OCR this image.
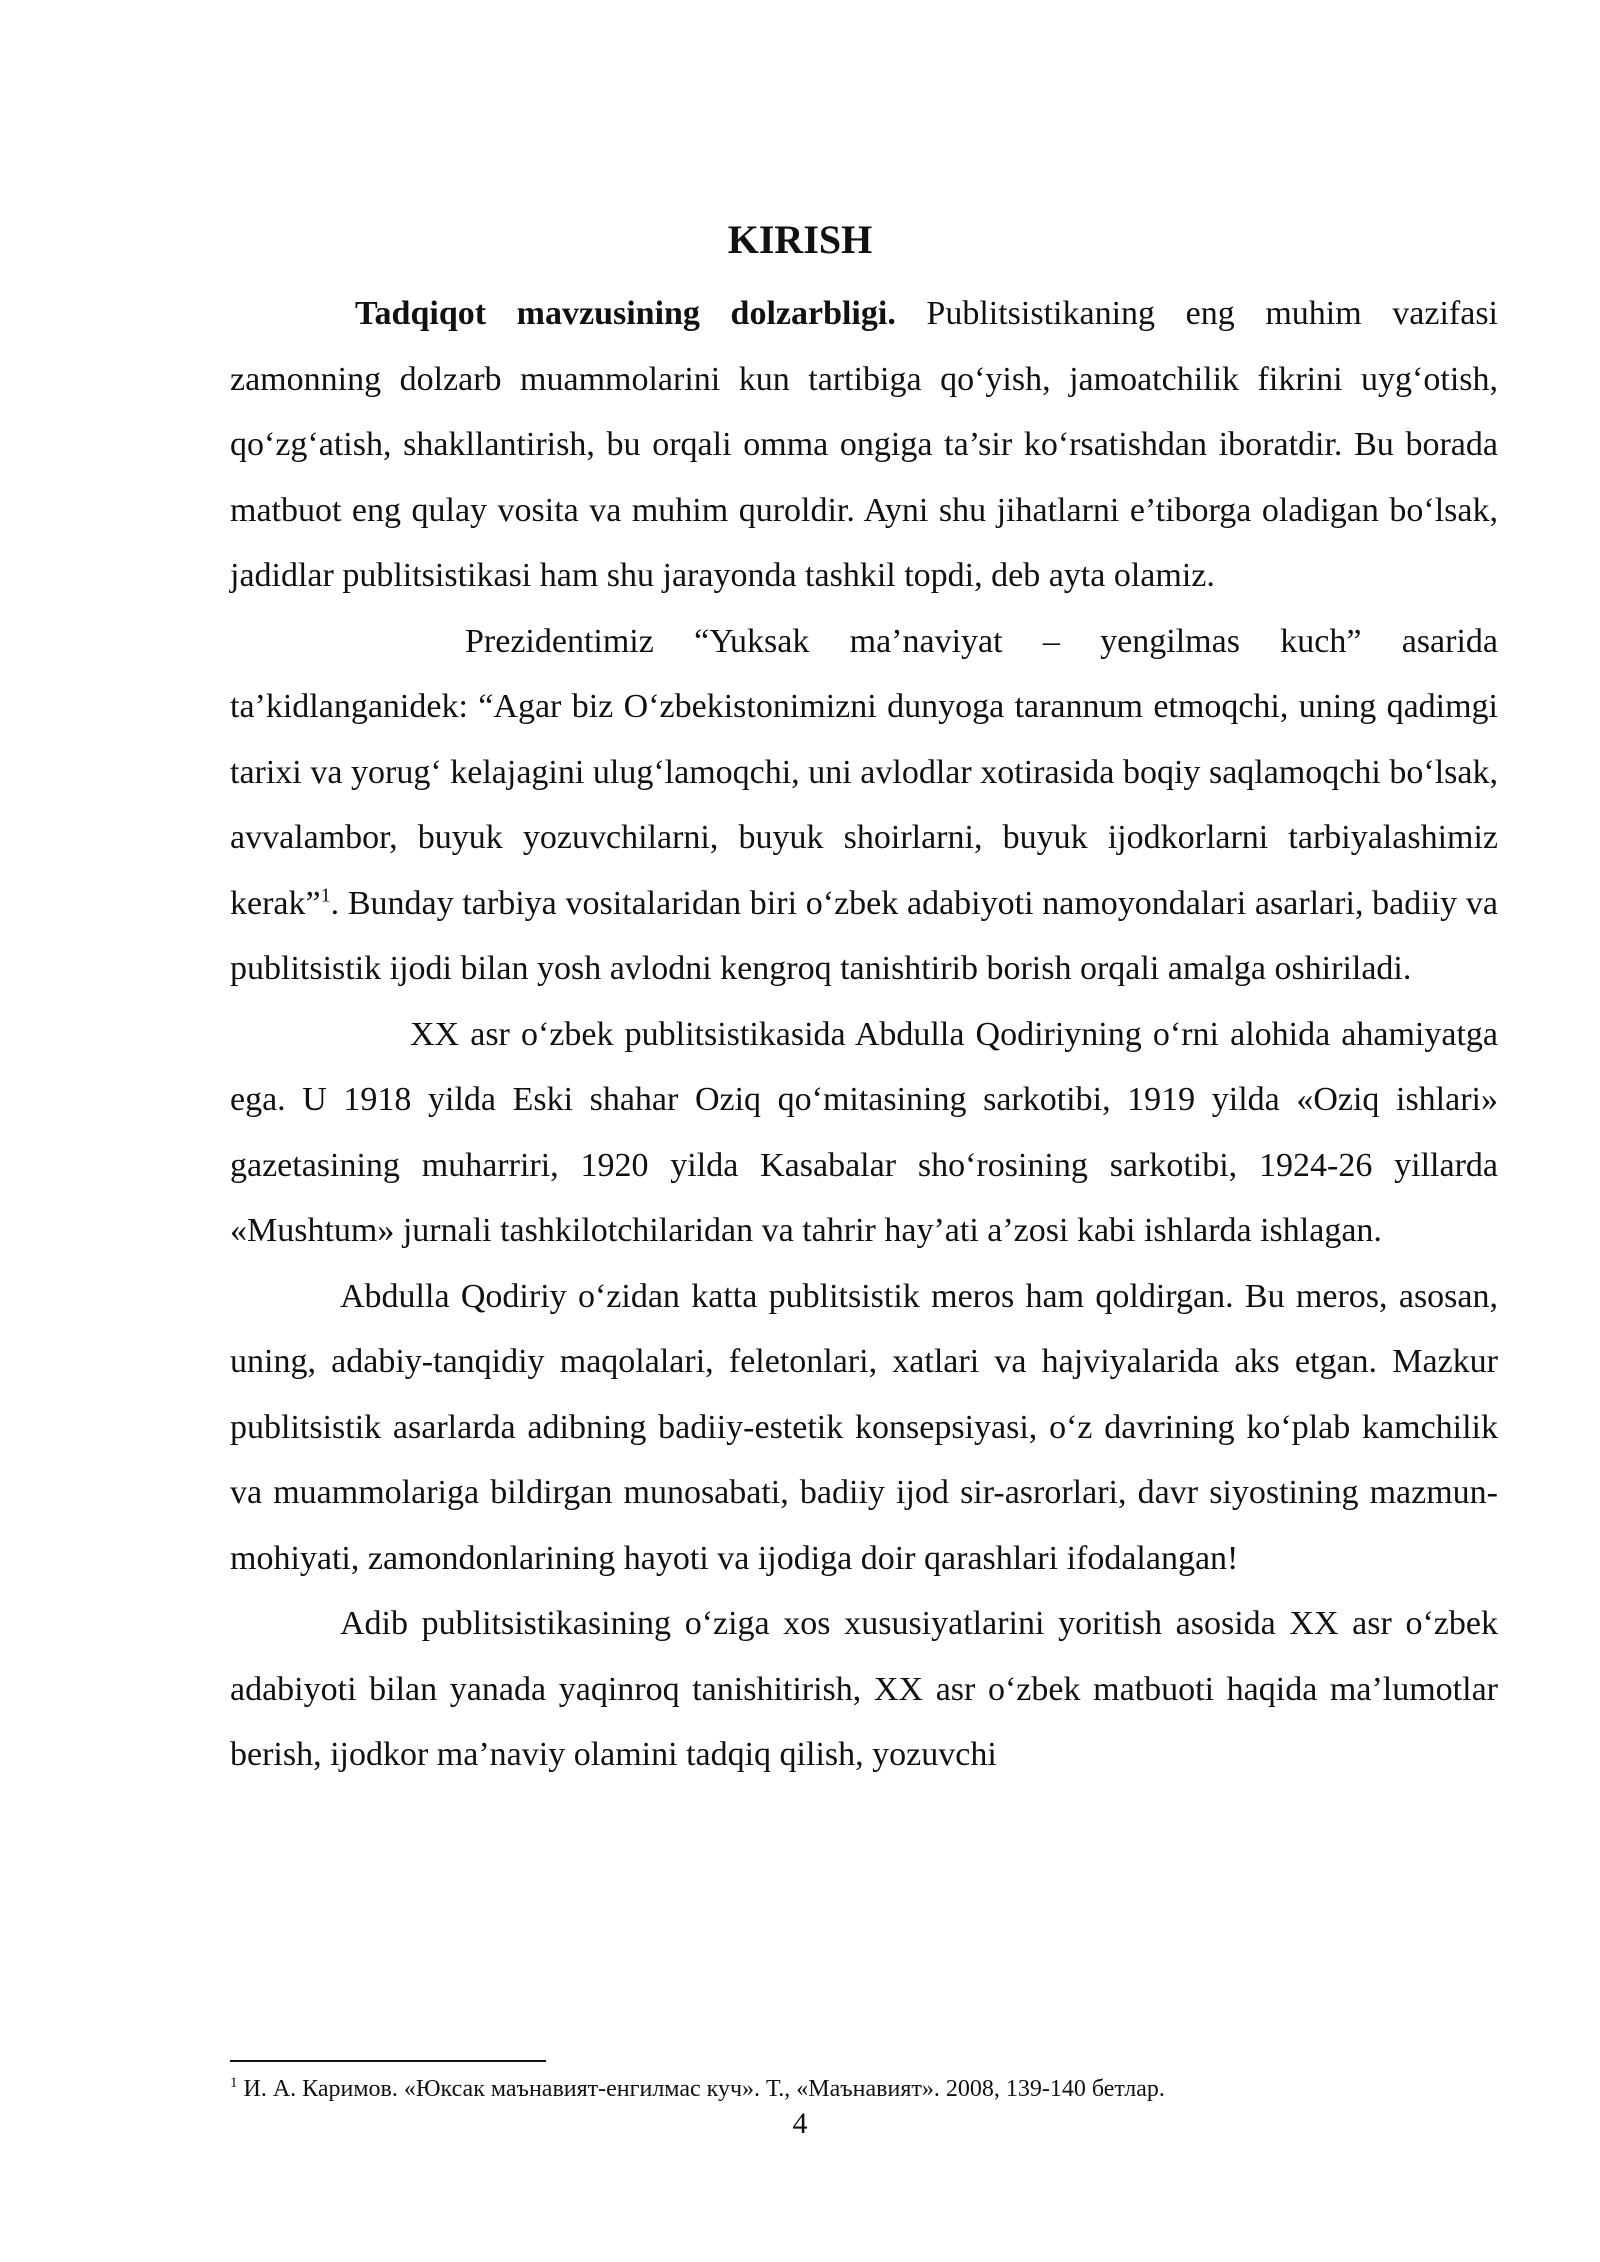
KIRISH

Tadqiqot mavzusining dolzarbligi. Publitsistikaning eng muhim vazifasi zamonning dolzarb muammolarini kun tartibiga qo‘yish, jamoatchilik fikrini uyg‘otish, qo‘zg‘atish, shakllantirish, bu orqali omma ongiga ta’sir ko‘rsatishdan iboratdir. Bu borada matbuot eng qulay vosita va muhim quroldir. Ayni shu jihatlarni e’tiborga oladigan bo‘lsak, jadidlar publitsistikasi ham shu jarayonda tashkil topdi, deb ayta olamiz.

Prezidentimiz “Yuksak ma’naviyat – yengilmas kuch” asarida ta’kidlanganidek: “Agar biz O‘zbekistonimizni dunyoga tarannum etmoqchi, uning qadimgi tarixi va yorug‘ kelajagini ulug‘lamoqchi, uni avlodlar xotirasida boqiy saqlamoqchi bo‘lsak, avvalambor, buyuk yozuvchilarni, buyuk shoirlarni, buyuk ijodkorlarni tarbiyalashimiz kerak”$^1$. Bunday tarbiya vositalaridan biri o‘zbek adabiyoti namoyondalari asarlari, badiiy va publitsistik ijodi bilan yosh avlodni kengroq tanishtirib borish orqali amalga oshiriladi.

XX asr o‘zbek publitsistikasida Abdulla Qodiriyning o‘rni alohida ahamiyatga ega. U 1918 yilda Eski shahar Oziq qo‘mitasining sarkotibi, 1919 yilda «Oziq ishlari» gazetasining muharriri, 1920 yilda Kasabalar sho‘rosining sarkotibi, 1924-26 yillarda «Mushtum» jurnali tashkilotchilaridan va tahrir hay’ati a’zosi kabi ishlarda ishlagan.

Abdulla Qodiriy o‘zidan katta publitsistik meros ham qoldirgan. Bu meros, asosan, uning, adabiy-tanqidiy maqolalari, feletonlari, xatlari va hajviyalarida aks etgan. Mazkur publitsistik asarlarda adibning badiiy-estetik konsepsiyasi, o‘z davrining ko‘plab kamchilik va muammolariga bildirgan munosabati, badiiy ijod sir-asrorlari, davr siyostining mazmun-mohiyati, zamondonlarining hayoti va ijodiga doir qarashlari ifodalangan!

Adib publitsistikasining o‘ziga xos xususiyatlarini yoritish asosida XX asr o‘zbek adabiyoti bilan yanada yaqinroq tanishitirish, XX asr o‘zbek matbuoti haqida ma’lumotlar berish, ijodkor ma’naviy olamini tadqiq qilish, yozuvchi

$^1$ И. А. Каримов. «Юксак маънавият-енгилмас куч». Т., «Маънавият». 2008, 139-140 бетлар.
4
